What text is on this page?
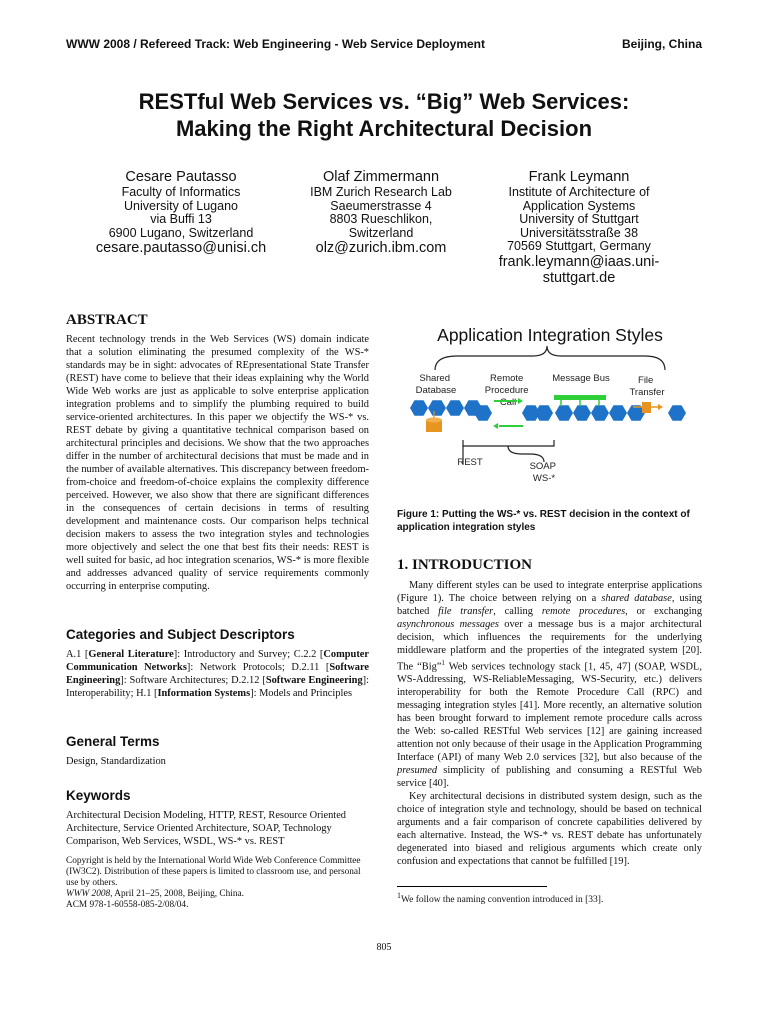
WWW 2008 / Refereed Track: Web Engineering - Web Service Deployment	Beijing, China
RESTful Web Services vs. “Big” Web Services:
Making the Right Architectural Decision
Cesare Pautasso
Faculty of Informatics
University of Lugano
via Buffi 13
6900 Lugano, Switzerland
cesare.pautasso@unisi.ch
Olaf Zimmermann
IBM Zurich Research Lab
Saeumerstrasse 4
8803 Rueschlikon,
Switzerland
olz@zurich.ibm.com
Frank Leymann
Institute of Architecture of
Application Systems
University of Stuttgart
Universitätsstraße 38
70569 Stuttgart, Germany
frank.leymann@iaas.uni-
stuttgart.de
ABSTRACT

Recent technology trends in the Web Services (WS) domain indicate that a solution eliminating the presumed complexity of the WS-* standards may be in sight: advocates of REpresentational State Transfer (REST) have come to believe that their ideas explaining why the World Wide Web works are just as applicable to solve enterprise application integration problems and to simplify the plumbing required to build service-oriented architectures. In this paper we objectify the WS-* vs. REST debate by giving a quantitative technical comparison based on architectural principles and decisions. We show that the two approaches differ in the number of architectural decisions that must be made and in the number of available alternatives. This discrepancy between freedom-from-choice and freedom-of-choice explains the complexity difference perceived. However, we also show that there are significant differences in the consequences of certain decisions in terms of resulting development and maintenance costs. Our comparison helps technical decision makers to assess the two integration styles and technologies more objectively and select the one that best fits their needs: REST is well suited for basic, ad hoc integration scenarios, WS-* is more flexible and addresses advanced quality of service requirements commonly occurring in enterprise computing.

Categories and Subject Descriptors

A.1 [General Literature]: Introductory and Survey; C.2.2 [Computer Communication Networks]: Network Protocols; D.2.11 [Software Engineering]: Software Architectures; D.2.12 [Software Engineering]: Interoperability; H.1 [Information Systems]: Models and Principles

General Terms

Design, Standardization

Keywords

Architectural Decision Modeling, HTTP, REST, Resource Oriented Architecture, Service Oriented Architecture, SOAP, Technology Comparison, Web Services, WSDL, WS-* vs. REST

Copyright is held by the International World Wide Web Conference Committee (IW3C2). Distribution of these papers is limited to classroom use, and personal use by others.
WWW 2008, April 21–25, 2008, Beijing, China.
ACM 978-1-60558-085-2/08/04.
Application Integration Styles
Shared Database
Remote Procedure Call
Message Bus	File Transfer
REST	SOAP WS-*
Figure 1: Putting the WS-* vs. REST decision in the context of application integration styles
1. INTRODUCTION

Many different styles can be used to integrate enterprise applications (Figure 1). The choice between relying on a shared database, using batched file transfer, calling remote procedures, or exchanging asynchronous messages over a message bus is a major architectural decision, which influences the requirements for the underlying middleware platform and the properties of the integrated system [20]. The “Big”$^1$ Web services technology stack [1, 45, 47] (SOAP, WSDL, WS-Addressing, WS-ReliableMessaging, WS-Security, etc.) delivers interoperability for both the Remote Procedure Call (RPC) and messaging integration styles [41]. More recently, an alternative solution has been brought forward to implement remote procedure calls across the Web: so-called RESTful Web services [12] are gaining increased attention not only because of their usage in the Application Programming Interface (API) of many Web 2.0 services [32], but also because of the presumed simplicity of publishing and consuming a RESTful Web service [40].

Key architectural decisions in distributed system design, such as the choice of integration style and technology, should be based on technical arguments and a fair comparison of concrete capabilities delivered by each alternative. Instead, the WS-* vs. REST debate has unfortunately degenerated into biased and religious arguments which create only confusion and expectations that cannot be fulfilled [19].

$^1$We follow the naming convention introduced in [33].
805
